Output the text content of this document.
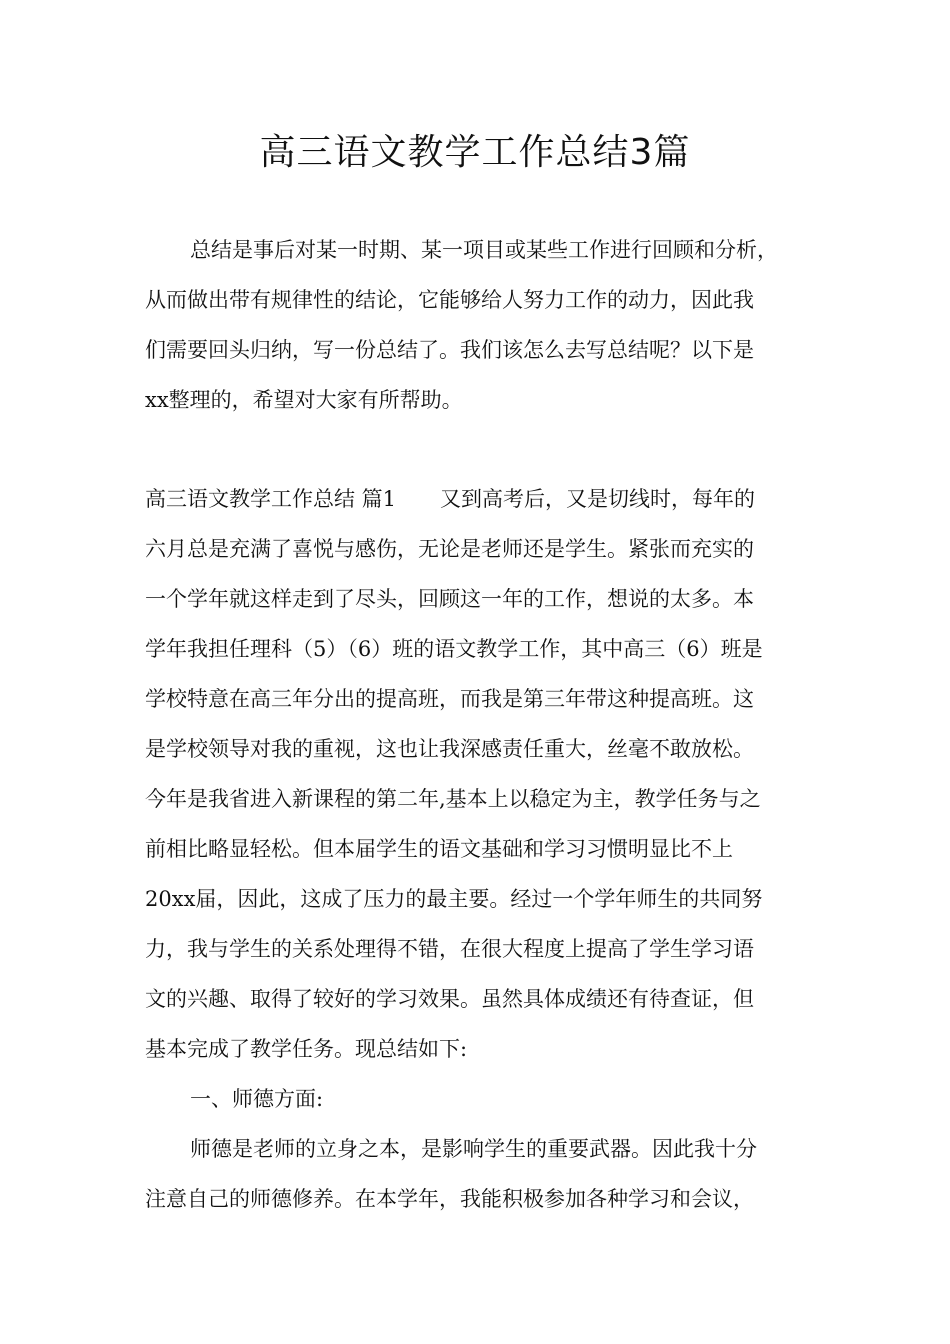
高三语文教学工作总结3篇
总结是事后对某一时期、某一项目或某些工作进行回顾和分析，
从而做出带有规律性的结论，它能够给人努力工作的动力，因此我
们需要回头归纳，写一份总结了。我们该怎么去写总结呢？以下是
xx整理的，希望对大家有所帮助。
高三语文教学工作总结 篇1 又到高考后，又是切线时，每年的
六月总是充满了喜悦与感伤，无论是老师还是学生。紧张而充实的
一个学年就这样走到了尽头，回顾这一年的工作，想说的太多。本
学年我担任理科（5）（6）班的语文教学工作，其中高三（6）班是
学校特意在高三年分出的提高班，而我是第三年带这种提高班。这
是学校领导对我的重视，这也让我深感责任重大，丝毫不敢放松。
今年是我省进入新课程的第二年,基本上以稳定为主，教学任务与之
前相比略显轻松。但本届学生的语文基础和学习习惯明显比不上
20xx届，因此，这成了压力的最主要。经过一个学年师生的共同努
力，我与学生的关系处理得不错，在很大程度上提高了学生学习语
文的兴趣、取得了较好的学习效果。虽然具体成绩还有待查证，但
基本完成了教学任务。现总结如下:
一、师德方面:
师德是老师的立身之本，是影响学生的重要武器。因此我十分
注意自己的师德修养。在本学年，我能积极参加各种学习和会议，
